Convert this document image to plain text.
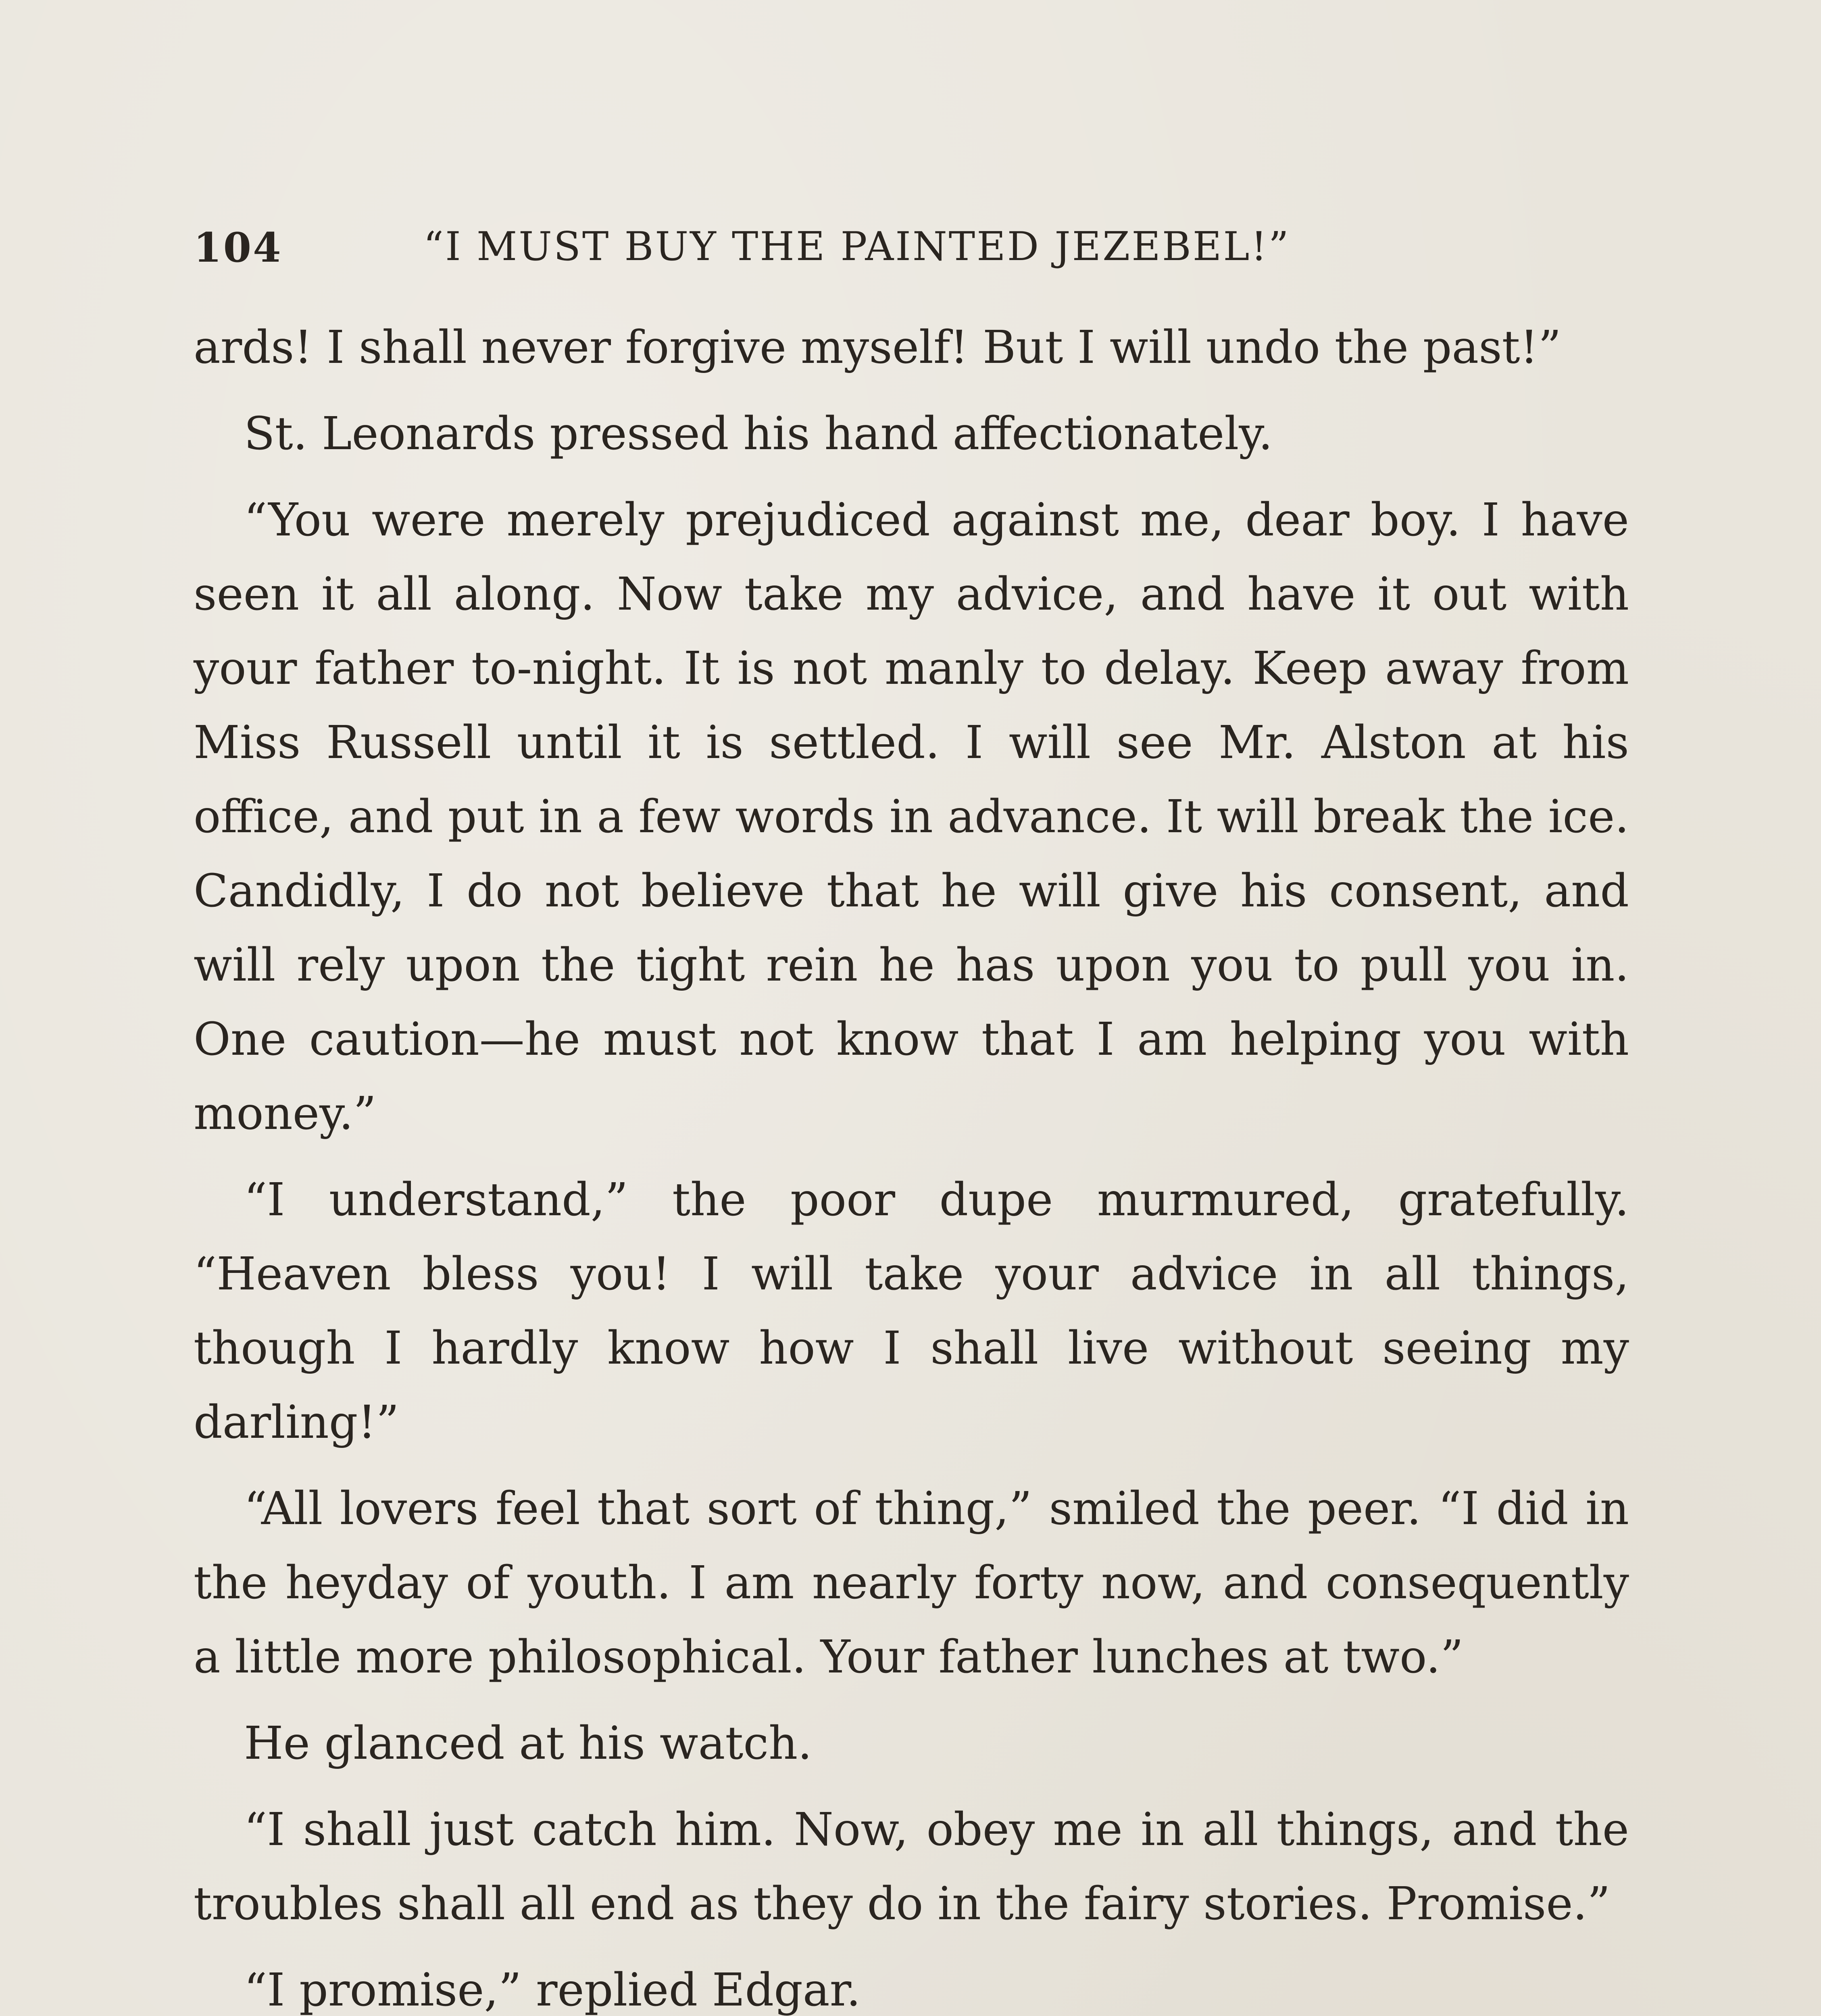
104	“I MUST BUY THE PAINTED JEZEBEL!”

ards! I shall never forgive myself! But I will undo the past!”

St. Leonards pressed his hand affectionately.

“You were merely prejudiced against me, dear boy. I have seen it all along. Now take my advice, and have it out with your father to-night. It is not manly to delay. Keep away from Miss Russell until it is settled. I will see Mr. Alston at his office, and put in a few words in advance. It will break the ice. Candidly, I do not believe that he will give his consent, and will rely upon the tight rein he has upon you to pull you in. One caution—he must not know that I am helping you with money.”

“I understand,” the poor dupe murmured, gratefully. “Heaven bless you! I will take your advice in all things, though I hardly know how I shall live without seeing my darling!”

“All lovers feel that sort of thing,” smiled the peer. “I did in the heyday of youth. I am nearly forty now, and consequently a little more philosophical. Your father lunches at two.”

He glanced at his watch.

“I shall just catch him. Now, obey me in all things, and the troubles shall all end as they do in the fairy stories. Promise.”

“I promise,” replied Edgar.
